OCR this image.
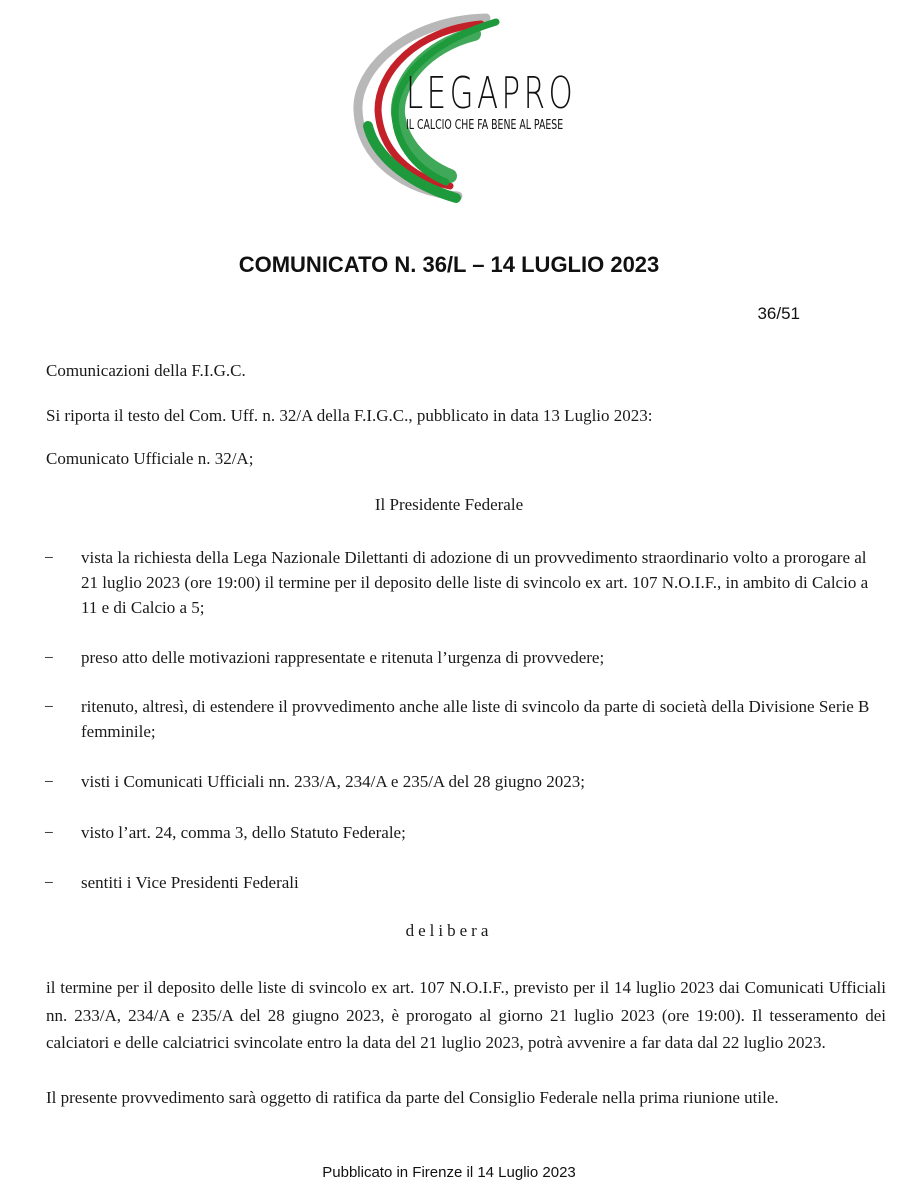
LEGAPRO
IL CALCIO CHE FA BENE AL PAESE
COMUNICATO N. 36/L – 14 LUGLIO 2023
36/51
Comunicazioni della F.I.G.C.
Si riporta il testo del Com. Uff. n. 32/A della F.I.G.C., pubblicato in data 13 Luglio 2023:
Comunicato Ufficiale n. 32/A;
Il Presidente Federale
− vista la richiesta della Lega Nazionale Dilettanti di adozione di un provvedimento straordinario volto a prorogare al 21 luglio 2023 (ore 19:00) il termine per il deposito delle liste di svincolo ex art. 107 N.O.I.F., in ambito di Calcio a 11 e di Calcio a 5;
− preso atto delle motivazioni rappresentate e ritenuta l’urgenza di provvedere;
− ritenuto, altresì, di estendere il provvedimento anche alle liste di svincolo da parte di società della Divisione Serie B femminile;
− visti i Comunicati Ufficiali nn. 233/A, 234/A e 235/A del 28 giugno 2023;
− visto l’art. 24, comma 3, dello Statuto Federale;
− sentiti i Vice Presidenti Federali
delibera
il termine per il deposito delle liste di svincolo ex art. 107 N.O.I.F., previsto per il 14 luglio 2023 dai Comunicati Ufficiali nn. 233/A, 234/A e 235/A del 28 giugno 2023, è prorogato al giorno 21 luglio 2023 (ore 19:00). Il tesseramento dei calciatori e delle calciatrici svincolate entro la data del 21 luglio 2023, potrà avvenire a far data dal 22 luglio 2023.
Il presente provvedimento sarà oggetto di ratifica da parte del Consiglio Federale nella prima riunione utile.
Pubblicato in Firenze il 14 Luglio 2023
